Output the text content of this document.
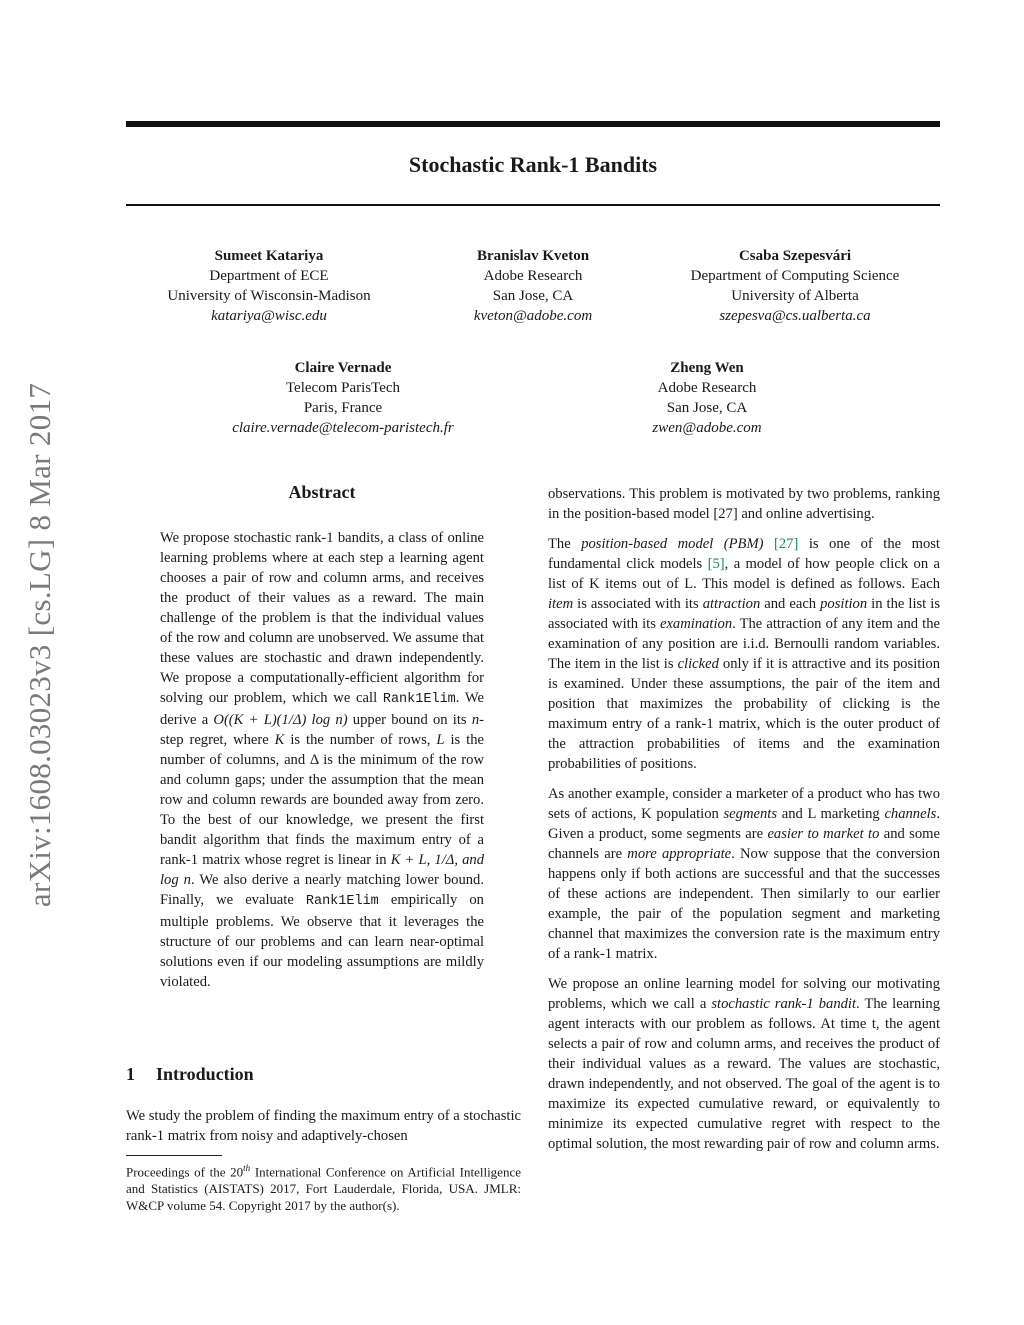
Stochastic Rank-1 Bandits
arXiv:1608.03023v3 [cs.LG] 8 Mar 2017
Sumeet Katariya
Department of ECE
University of Wisconsin-Madison
katariya@wisc.edu
Branislav Kveton
Adobe Research
San Jose, CA
kveton@adobe.com
Csaba Szepesvári
Department of Computing Science
University of Alberta
szepesva@cs.ualberta.ca
Claire Vernade
Telecom ParisTech
Paris, France
claire.vernade@telecom-paristech.fr
Zheng Wen
Adobe Research
San Jose, CA
zwen@adobe.com
Abstract

We propose stochastic rank-1 bandits, a class of online learning problems where at each step a learning agent chooses a pair of row and column arms, and receives the product of their values as a reward. The main challenge of the problem is that the individual values of the row and column are unobserved. We assume that these values are stochastic and drawn independently. We propose a computationally-efficient algorithm for solving our problem, which we call Rank1Elim. We derive a O((K + L)(1/Δ) log n) upper bound on its n-step regret, where K is the number of rows, L is the number of columns, and Δ is the minimum of the row and column gaps; under the assumption that the mean row and column rewards are bounded away from zero. To the best of our knowledge, we present the first bandit algorithm that finds the maximum entry of a rank-1 matrix whose regret is linear in K + L, 1/Δ, and log n. We also derive a nearly matching lower bound. Finally, we evaluate Rank1Elim empirically on multiple problems. We observe that it leverages the structure of our problems and can learn near-optimal solutions even if our modeling assumptions are mildly violated.

1 Introduction

We study the problem of finding the maximum entry of a stochastic rank-1 matrix from noisy and adaptively-chosen

Proceedings of the 20th International Conference on Artificial Intelligence and Statistics (AISTATS) 2017, Fort Lauderdale, Florida, USA. JMLR: W&CP volume 54. Copyright 2017 by the author(s).

observations. This problem is motivated by two problems, ranking in the position-based model [27] and online advertising.

The position-based model (PBM) [27] is one of the most fundamental click models [5], a model of how people click on a list of K items out of L. This model is defined as follows. Each item is associated with its attraction and each position in the list is associated with its examination. The attraction of any item and the examination of any position are i.i.d. Bernoulli random variables. The item in the list is clicked only if it is attractive and its position is examined. Under these assumptions, the pair of the item and position that maximizes the probability of clicking is the maximum entry of a rank-1 matrix, which is the outer product of the attraction probabilities of items and the examination probabilities of positions.

As another example, consider a marketer of a product who has two sets of actions, K population segments and L marketing channels. Given a product, some segments are easier to market to and some channels are more appropriate. Now suppose that the conversion happens only if both actions are successful and that the successes of these actions are independent. Then similarly to our earlier example, the pair of the population segment and marketing channel that maximizes the conversion rate is the maximum entry of a rank-1 matrix.

We propose an online learning model for solving our motivating problems, which we call a stochastic rank-1 bandit. The learning agent interacts with our problem as follows. At time t, the agent selects a pair of row and column arms, and receives the product of their individual values as a reward. The values are stochastic, drawn independently, and not observed. The goal of the agent is to maximize its expected cumulative reward, or equivalently to minimize its expected cumulative regret with respect to the optimal solution, the most rewarding pair of row and column arms.
